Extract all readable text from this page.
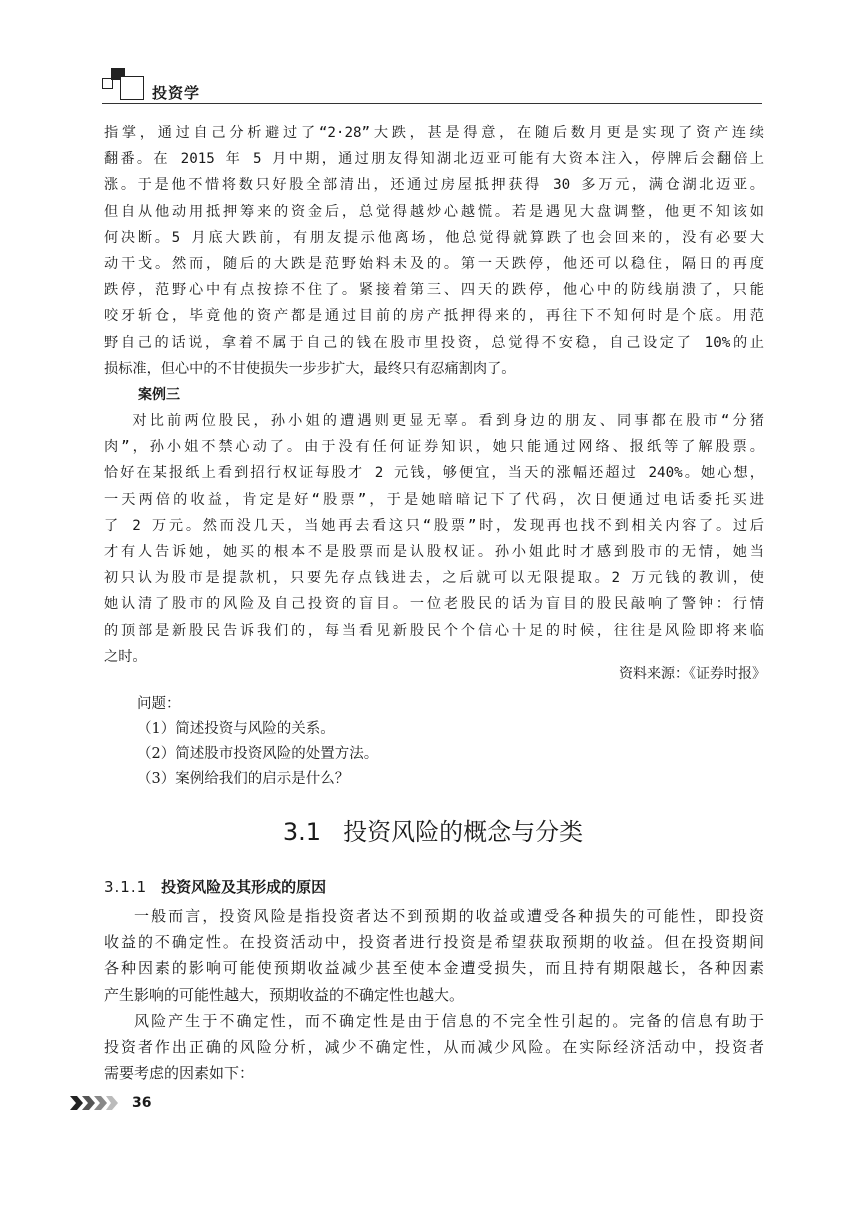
投资学

指掌，通过自己分析避过了“2·28”大跌，甚是得意，在随后数月更是实现了资产连续

翻番。在 2015 年 5 月中期，通过朋友得知湖北迈亚可能有大资本注入，停牌后会翻倍上

涨。于是他不惜将数只好股全部清出，还通过房屋抵押获得 30 多万元，满仓湖北迈亚。

但自从他动用抵押筹来的资金后，总觉得越炒心越慌。若是遇见大盘调整，他更不知该如

何决断。5 月底大跌前，有朋友提示他离场，他总觉得就算跌了也会回来的，没有必要大

动干戈。然而，随后的大跌是范野始料未及的。第一天跌停，他还可以稳住，隔日的再度

跌停，范野心中有点按捺不住了。紧接着第三、四天的跌停，他心中的防线崩溃了，只能

咬牙斩仓，毕竟他的资产都是通过目前的房产抵押得来的，再往下不知何时是个底。用范

野自己的话说，拿着不属于自己的钱在股市里投资，总觉得不安稳，自己设定了 10%的止

损标准，但心中的不甘使损失一步步扩大，最终只有忍痛割肉了。

案例三

对比前两位股民，孙小姐的遭遇则更显无辜。看到身边的朋友、同事都在股市“分猪

肉”，孙小姐不禁心动了。由于没有任何证券知识，她只能通过网络、报纸等了解股票。

恰好在某报纸上看到招行权证每股才 2 元钱，够便宜，当天的涨幅还超过 240%。她心想，

一天两倍的收益，肯定是好“股票”，于是她暗暗记下了代码，次日便通过电话委托买进

了 2 万元。然而没几天，当她再去看这只“股票”时，发现再也找不到相关内容了。过后

才有人告诉她，她买的根本不是股票而是认股权证。孙小姐此时才感到股市的无情，她当

初只认为股市是提款机，只要先存点钱进去，之后就可以无限提取。2 万元钱的教训，使

她认清了股市的风险及自己投资的盲目。一位老股民的话为盲目的股民敲响了警钟：行情

的顶部是新股民告诉我们的，每当看见新股民个个信心十足的时候，往往是风险即将来临

之时。

资料来源：《证券时报》
问题：
（1）简述投资与风险的关系。
（2）简述股市投资风险的处置方法。
（3）案例给我们的启示是什么？
3.1 投资风险的概念与分类
3.1.1 投资风险及其形成的原因

一般而言，投资风险是指投资者达不到预期的收益或遭受各种损失的可能性，即投资

收益的不确定性。在投资活动中，投资者进行投资是希望获取预期的收益。但在投资期间

各种因素的影响可能使预期收益减少甚至使本金遭受损失，而且持有期限越长，各种因素

产生影响的可能性越大，预期收益的不确定性也越大。

风险产生于不确定性，而不确定性是由于信息的不完全性引起的。完备的信息有助于

投资者作出正确的风险分析，减少不确定性，从而减少风险。在实际经济活动中，投资者

需要考虑的因素如下：

36
